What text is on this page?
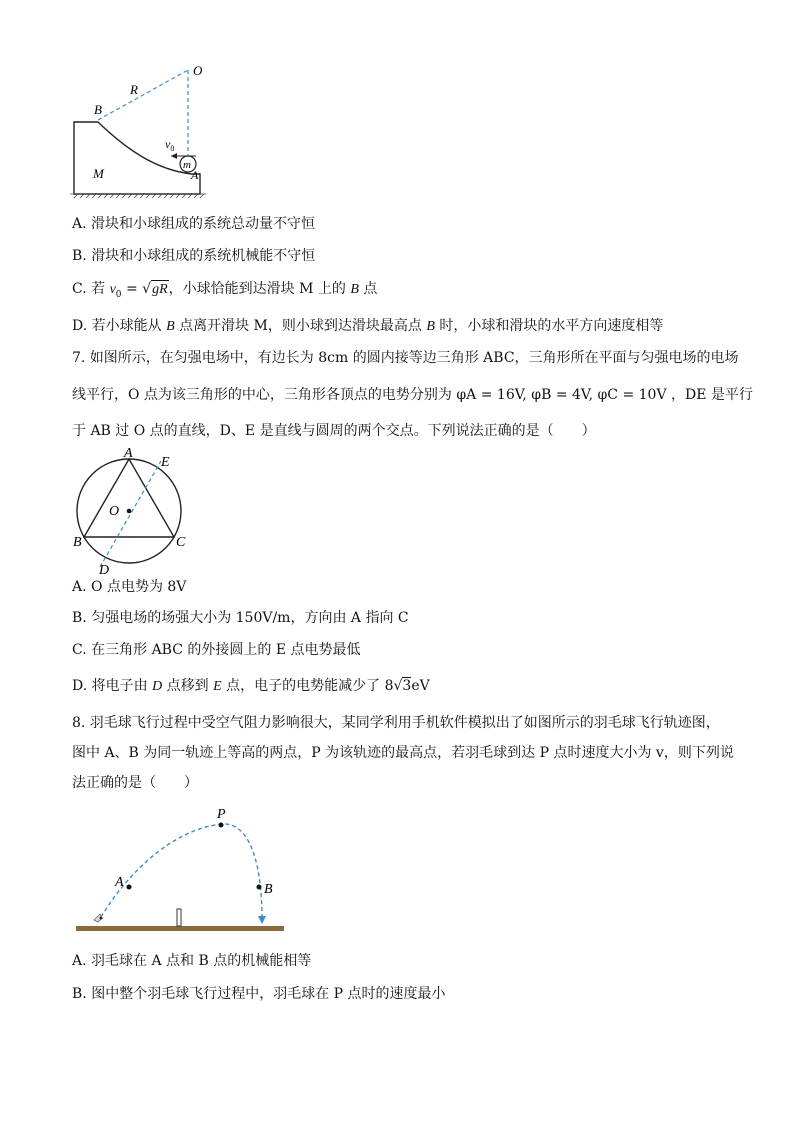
m
$v_0$
O
R
B
M	A
A. 滑块和小球组成的系统总动量不守恒
B. 滑块和小球组成的系统机械能不守恒
C. 若 $v_0 = √gR$，小球恰能到达滑块 M 上的 B 点
D. 若小球能从 B 点离开滑块 M，则小球到达滑块最高点 B 时，小球和滑块的水平方向速度相等
7. 如图所示，在匀强电场中，有边长为 8cm 的圆内接等边三角形 ABC，三角形所在平面与匀强电场的电场
线平行，O 点为该三角形的中心，三角形各顶点的电势分别为 φA = 16V, φB = 4V, φC = 10V ，DE 是平行
于 AB 过 O 点的直线，D、E 是直线与圆周的两个交点。下列说法正确的是（　　）
A
E
O
B	C
D
A. O 点电势为 8V
B. 匀强电场的场强大小为 150V/m，方向由 A 指向 C
C. 在三角形 ABC 的外接圆上的 E 点电势最低
D. 将电子由 D 点移到 E 点，电子的电势能减少了 8√3eV
8. 羽毛球飞行过程中受空气阻力影响很大，某同学利用手机软件模拟出了如图所示的羽毛球飞行轨迹图，
图中 A、B 为同一轨迹上等高的两点，P 为该轨迹的最高点，若羽毛球到达 P 点时速度大小为 v，则下列说
法正确的是（　　）
P
A	B
A. 羽毛球在 A 点和 B 点的机械能相等
B. 图中整个羽毛球飞行过程中，羽毛球在 P 点时的速度最小
